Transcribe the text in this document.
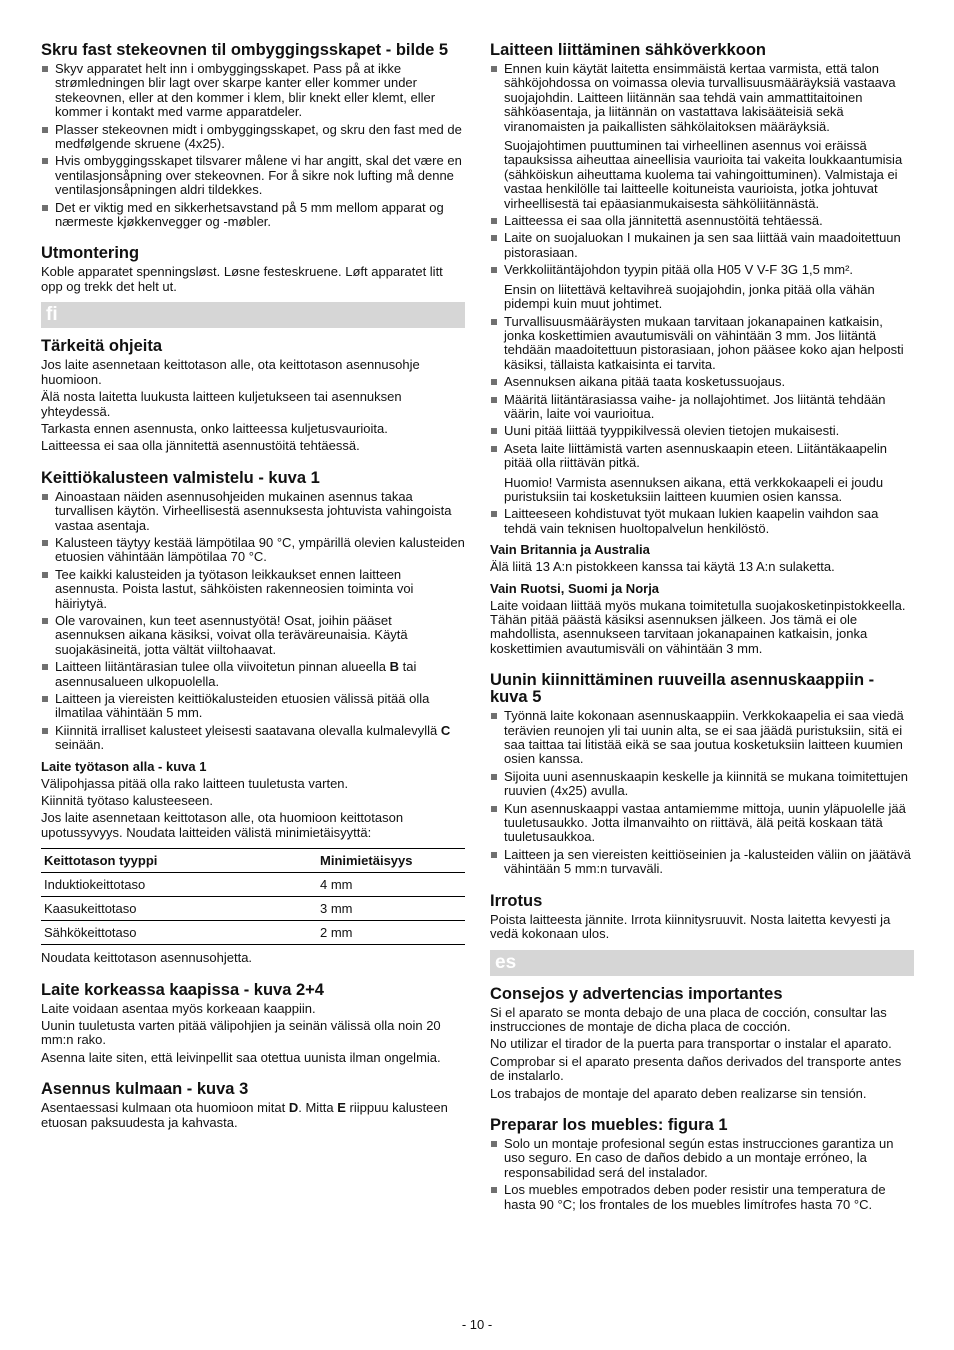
Skru fast stekeovnen til ombyggingsskapet - bilde 5
Skyv apparatet helt inn i ombyggingsskapet. Pass på at ikke strømledningen blir lagt over skarpe kanter eller kommer under stekeovnen, eller at den kommer i klem, blir knekt eller klemt, eller kommer i kontakt med varme apparatdeler.
Plasser stekeovnen midt i ombyggingsskapet, og skru den fast med de medfølgende skruene (4x25).
Hvis ombyggingsskapet tilsvarer målene vi har angitt, skal det være en ventilasjonsåpning over stekeovnen. For å sikre nok lufting må denne ventilasjonsåpningen aldri tildekkes.
Det er viktig med en sikkerhetsavstand på 5 mm mellom apparat og nærmeste kjøkkenvegger og -møbler.
Utmontering

Koble apparatet spenningsløst. Løsne festeskruene. Løft apparatet litt opp og trekk det helt ut.

fi
Tärkeitä ohjeita

Jos laite asennetaan keittotason alle, ota keittotason asennusohje huomioon.

Älä nosta laitetta luukusta laitteen kuljetukseen tai asennuksen yhteydessä.

Tarkasta ennen asennusta, onko laitteessa kuljetusvaurioita.

Laitteessa ei saa olla jännitettä asennustöitä tehtäessä.

Keittiökalusteen valmistelu - kuva 1
Ainoastaan näiden asennusohjeiden mukainen asennus takaa turvallisen käytön. Virheellisestä asennuksesta johtuvista vahingoista vastaa asentaja.
Kalusteen täytyy kestää lämpötilaa 90 °C, ympärillä olevien kalusteiden etuosien vähintään lämpötilaa 70 °C.
Tee kaikki kalusteiden ja työtason leikkaukset ennen laitteen asennusta. Poista lastut, sähköisten rakenneosien toiminta voi häiriytyä.
Ole varovainen, kun teet asennustyötä! Osat, joihin pääset asennuksen aikana käsiksi, voivat olla teräväreunaisia. Käytä suojakäsineitä, jotta vältät viiltohaavat.
Laitteen liitäntärasian tulee olla viivoitetun pinnan alueella B tai asennusalueen ulkopuolella.
Laitteen ja viereisten keittiökalusteiden etuosien välissä pitää olla ilmatilaa vähintään 5 mm.
Kiinnitä irralliset kalusteet yleisesti saatavana olevalla kulmalevyllä C seinään.
Laite työtason alla - kuva 1

Välipohjassa pitää olla rako laitteen tuuletusta varten.

Kiinnitä työtaso kalusteeseen.

Jos laite asennetaan keittotason alle, ota huomioon keittotason upotussyvyys. Noudata laitteiden välistä minimietäisyyttä:

Keittotason tyyppi	Minimietäisyys
Induktiokeittotaso	4 mm
Kaasukeittotaso	3 mm
Sähkökeittotaso	2 mm

Noudata keittotason asennusohjetta.

Laite korkeassa kaapissa - kuva 2+4

Laite voidaan asentaa myös korkeaan kaappiin.

Uunin tuuletusta varten pitää välipohjien ja seinän välissä olla noin 20 mm:n rako.

Asenna laite siten, että leivinpellit saa otettua uunista ilman ongelmia.

Asennus kulmaan - kuva 3

Asentaessasi kulmaan ota huomioon mitat D. Mitta E riippuu kalusteen etuosan paksuudesta ja kahvasta.

Laitteen liittäminen sähköverkkoon
Ennen kuin käytät laitetta ensimmäistä kertaa varmista, että talon sähköjohdossa on voimassa olevia turvallisuusmääräyksiä vastaava suojajohdin. Laitteen liitännän saa tehdä vain ammattitaitoinen sähköasentaja, ja liitännän on vastattava lakisääteisiä sekä viranomaisten ja paikallisten sähkölaitoksen määräyksiä.

Suojajohtimen puuttuminen tai virheellinen asennus voi eräissä tapauksissa aiheuttaa aineellisia vaurioita tai vakeita loukkaantumisia (sähköiskun aiheuttama kuolema tai vahingoittuminen). Valmistaja ei vastaa henkilölle tai laitteelle koituneista vaurioista, jotka johtuvat virheellisestä tai epäasianmukaisesta sähköliitännästä.

Laitteessa ei saa olla jännitettä asennustöitä tehtäessä.
Laite on suojaluokan I mukainen ja sen saa liittää vain maadoitettuun pistorasiaan.
Verkkoliitäntäjohdon tyypin pitää olla H05 V V-F 3G 1,5 mm².

Ensin on liitettävä keltavihreä suojajohdin, jonka pitää olla vähän pidempi kuin muut johtimet.

Turvallisuusmääräysten mukaan tarvitaan jokanapainen katkaisin, jonka koskettimien avautumisväli on vähintään 3 mm. Jos liitäntä tehdään maadoitettuun pistorasiaan, johon pääsee koko ajan helposti käsiksi, tällaista katkaisinta ei tarvita.
Asennuksen aikana pitää taata kosketussuojaus.
Määritä liitäntärasiassa vaihe- ja nollajohtimet. Jos liitäntä tehdään väärin, laite voi vaurioitua.
Uuni pitää liittää tyyppikilvessä olevien tietojen mukaisesti.
Aseta laite liittämistä varten asennuskaapin eteen. Liitäntäkaapelin pitää olla riittävän pitkä.

Huomio! Varmista asennuksen aikana, että verkkokaapeli ei joudu puristuksiin tai kosketuksiin laitteen kuumien osien kanssa.

Laitteeseen kohdistuvat työt mukaan lukien kaapelin vaihdon saa tehdä vain teknisen huoltopalvelun henkilöstö.
Vain Britannia ja Australia

Älä liitä 13 A:n pistokkeen kanssa tai käytä 13 A:n sulaketta.

Vain Ruotsi, Suomi ja Norja

Laite voidaan liittää myös mukana toimitetulla suojakosketinpistokkeella. Tähän pitää päästä käsiksi asennuksen jälkeen. Jos tämä ei ole mahdollista, asennukseen tarvitaan jokanapainen katkaisin, jonka koskettimien avautumisväli on vähintään 3 mm.

Uunin kiinnittäminen ruuveilla asennuskaappiin - kuva 5
Työnnä laite kokonaan asennuskaappiin. Verkkokaapelia ei saa viedä terävien reunojen yli tai uunin alta, se ei saa jäädä puristuksiin, sitä ei saa taittaa tai litistää eikä se saa joutua kosketuksiin laitteen kuumien osien kanssa.
Sijoita uuni asennuskaapin keskelle ja kiinnitä se mukana toimitettujen ruuvien (4x25) avulla.
Kun asennuskaappi vastaa antamiemme mittoja, uunin yläpuolelle jää tuuletusaukko. Jotta ilmanvaihto on riittävä, älä peitä koskaan tätä tuuletusaukkoa.
Laitteen ja sen viereisten keittiöseinien ja -kalusteiden väliin on jäätävä vähintään 5 mm:n turvaväli.
Irrotus

Poista laitteesta jännite. Irrota kiinnitysruuvit. Nosta laitetta kevyesti ja vedä kokonaan ulos.

es
Consejos y advertencias importantes

Si el aparato se monta debajo de una placa de cocción, consultar las instrucciones de montaje de dicha placa de cocción.

No utilizar el tirador de la puerta para transportar o instalar el aparato.

Comprobar si el aparato presenta daños derivados del transporte antes de instalarlo.

Los trabajos de montaje del aparato deben realizarse sin tensión.

Preparar los muebles: figura 1
Solo un montaje profesional según estas instrucciones garantiza un uso seguro. En caso de daños debido a un montaje erróneo, la responsabilidad será del instalador.
Los muebles empotrados deben poder resistir una temperatura de hasta 90 °C; los frontales de los muebles limítrofes hasta 70 °C.
- 10 -
